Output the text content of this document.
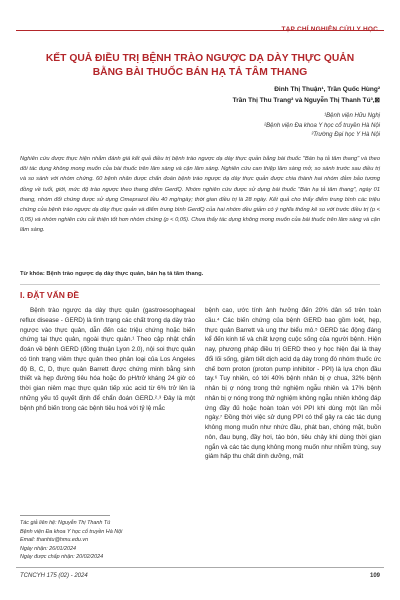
TẠP CHÍ NGHIÊN CỨU Y HỌC
KẾT QUẢ ĐIỀU TRỊ BỆNH TRÀO NGƯỢC DẠ DÀY THỰC QUẢN
BẰNG BÀI THUỐC BÁN HẠ TẢ TÂM THANG
Đinh Thị Thuận¹, Trần Quốc Hùng²
Trần Thị Thu Trang² và Nguyễn Thị Thanh Tú³,⊠
¹Bệnh viện Hữu Nghị
²Bệnh viện Đa khoa Y học cổ truyền Hà Nội
³Trường Đại học Y Hà Nội
Nghiên cứu được thực hiện nhằm đánh giá kết quả điều trị bệnh trào ngược dạ dày thực quản bằng bài thuốc "Bán hạ tả tâm thang" và theo dõi tác dụng không mong muốn của bài thuốc trên lâm sàng và cận lâm sàng. Nghiên cứu can thiệp lâm sàng mở, so sánh trước sau điều trị và so sánh với nhóm chứng. 60 bệnh nhân được chẩn đoán bệnh trào ngược dạ dày thực quản được chia thành hai nhóm đảm bảo tương đồng về tuổi, giới, mức độ trào ngược theo thang điểm GerdQ. Nhóm nghiên cứu được sử dụng bài thuốc "Bán hạ tả tâm thang", ngày 01 thang, nhóm đối chứng được sử dụng Omeprazol liều 40 mg/ngày; thời gian điều trị là 28 ngày. Kết quả cho thấy điểm trung bình các triệu chứng của bệnh trào ngược dạ dày thực quản và điểm trung bình GerdQ của hai nhóm đều giảm có ý nghĩa thống kê so với trước điều trị (p < 0,05) và nhóm nghiên cứu cải thiện tốt hơn nhóm chứng (p < 0,05). Chưa thấy tác dụng không mong muốn của bài thuốc trên lâm sàng và cận lâm sàng.
Từ khóa: Bệnh trào ngược dạ dày thực quản, bán hạ tả tâm thang.
I. ĐẶT VẤN ĐỀ

Bệnh trào ngược dạ dày thực quản (gastroesophageal reflux disease - GERD) là tình trạng các chất trong dạ dày trào ngược vào thực quản, dẫn đến các triệu chứng hoặc biến chứng tại thực quản, ngoài thực quản.¹ Theo cập nhật chẩn đoán về bệnh GERD (đồng thuận Lyon 2.0), nội soi thực quản có tình trạng viêm thực quản theo phân loại của Los Angeles độ B, C, D, thực quản Barrett được chứng minh bằng sinh thiết và hẹp đường tiêu hóa hoặc đo pH/trở kháng 24 giờ có thời gian niêm mạc thực quản tiếp xúc acid từ 6% trở lên là những yếu tố quyết định để chẩn đoán GERD.²˒³ Đây là một bệnh phổ biến trong các bệnh tiêu hoá với tỷ lệ mắc

bệnh cao, ước tính ảnh hưởng đến 20% dân số trên toàn cầu.⁴ Các biến chứng của bệnh GERD bao gồm loét, hẹp, thực quản Barrett và ung thư biểu mô.⁵ GERD tác động đáng kể đến kinh tế và chất lượng cuộc sống của người bệnh. Hiện nay, phương pháp điều trị GERD theo y học hiện đại là thay đổi lối sống, giảm tiết dịch acid dạ dày trong đó nhóm thuốc ức chế bơm proton (proton pump inhibitor - PPI) là lựa chọn đầu tay.⁶ Tuy nhiên, có tới 40% bệnh nhân bị ợ chua, 32% bệnh nhân bị ợ nóng trong thử nghiệm ngẫu nhiên và 17% bệnh nhân bị ợ nóng trong thử nghiệm không ngẫu nhiên không đáp ứng đầy đủ hoặc hoàn toàn với PPI khi dùng một lần mỗi ngày.⁷ Đồng thời việc sử dụng PPI có thể gây ra các tác dụng không mong muốn như nhức đầu, phát ban, chóng mặt, buồn nôn, đau bụng, đầy hơi, táo bón, tiêu chảy khi dùng thời gian ngắn và các tác dụng không mong muốn như nhiễm trùng, suy giảm hấp thu chất dinh dưỡng, mất

Tác giả liên hệ: Nguyễn Thị Thanh Tú
Bệnh viện Đa khoa Y học cổ truyền Hà Nội
Email: thanhtu@hmu.edu.vn
Ngày nhận: 26/01/2024
Ngày được chấp nhận: 20/02/2024
TCNCYH 175 (02) - 2024	109
